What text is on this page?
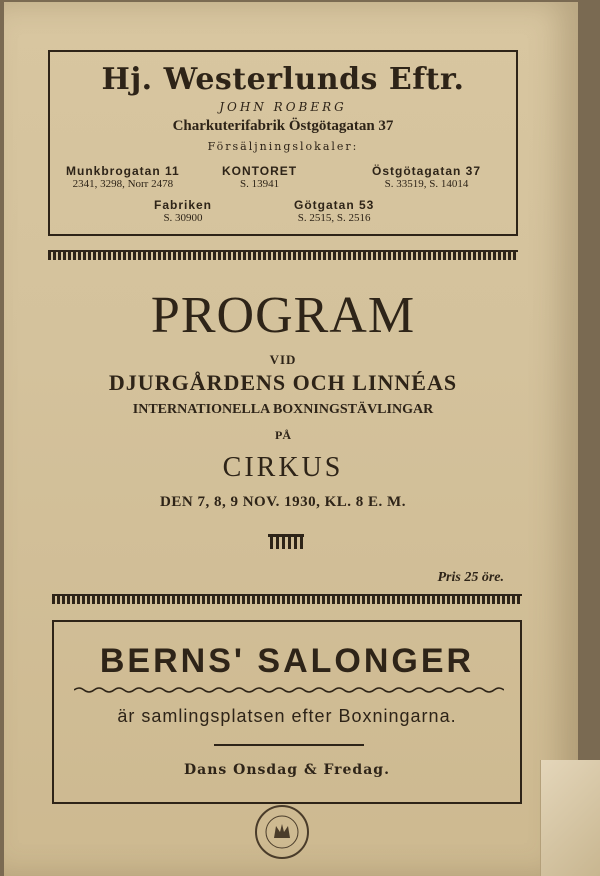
Hj. Westerlunds Eftr.
JOHN ROBERG
Charkuterifabrik Östgötagatan 37
Försäljningslokaler:
Munkbrogatan 11
2341, 3298, Norr 2478
KONTORET
S. 13941
Östgötagatan 37
S. 33519, S. 14014
Fabriken
S. 30900
Götgatan 53
S. 2515, S. 2516
PROGRAM
VID
DJURGÅRDENS OCH LINNÉAS
INTERNATIONELLA BOXNINGSTÄVLINGAR
PÅ
CIRKUS
DEN 7, 8, 9 NOV. 1930, KL. 8 E. M.
Pris 25 öre.
BERNS' SALONGER
är samlingsplatsen efter Boxningarna.
Dans Onsdag & Fredag.
